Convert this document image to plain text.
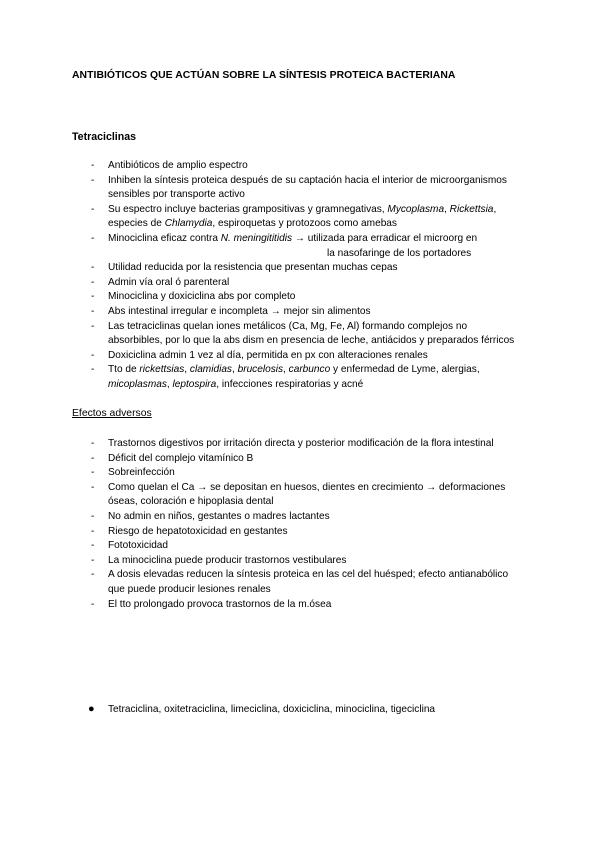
ANTIBIÓTICOS QUE ACTÚAN SOBRE LA SÍNTESIS PROTEICA BACTERIANA
Tetraciclinas
- Antibióticos de amplio espectro
- Inhiben la síntesis proteica después de su captación hacia el interior de microorganismos sensibles por transporte activo
- Su espectro incluye bacterias grampositivas y gramnegativas, Mycoplasma, Rickettsia, especies de Chlamydia, espiroquetas y protozoos como amebas
- Minociclina eficaz contra N. meningititidis → utilizada para erradicar el microorg en
la nasofaringe de los portadores
- Utilidad reducida por la resistencia que presentan muchas cepas
- Admin vía oral ó parenteral
- Minociclina y doxiciclina abs por completo
- Abs intestinal irregular e incompleta → mejor sin alimentos
- Las tetraciclinas quelan iones metálicos (Ca, Mg, Fe, Al) formando complejos no absorbibles, por lo que la abs dism en presencia de leche, antiácidos y preparados férricos
- Doxiciclina admin 1 vez al día, permitida en px con alteraciones renales
- Tto de rickettsias, clamidias, brucelosis, carbunco y enfermedad de Lyme, alergias, micoplasmas, leptospira, infecciones respiratorias y acné
Efectos adversos
- Trastornos digestivos por irritación directa y posterior modificación de la flora intestinal
- Déficit del complejo vitamínico B
- Sobreinfección
- Como quelan el Ca → se depositan en huesos, dientes en crecimiento → deformaciones óseas, coloración e hipoplasia dental
- No admin en niños, gestantes o madres lactantes
- Riesgo de hepatotoxicidad en gestantes
- Fototoxicidad
- La minociclina puede producir trastornos vestibulares
- A dosis elevadas reducen la síntesis proteica en las cel del huésped; efecto antianabólico que puede producir lesiones renales
- El tto prolongado provoca trastornos de la m.ósea
● Tetraciclina, oxitetraciclina, limeciclina, doxiciclina, minociclina, tigeciclina
